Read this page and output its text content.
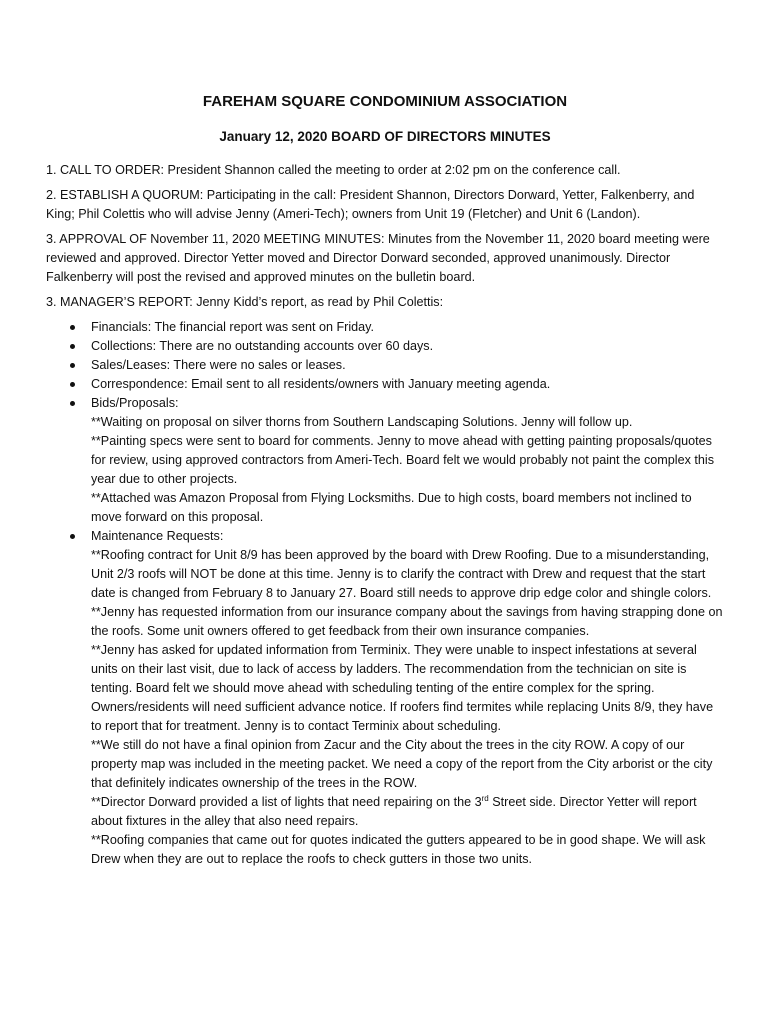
FAREHAM SQUARE CONDOMINIUM ASSOCIATION
January 12, 2020 BOARD OF DIRECTORS MINUTES

1. CALL TO ORDER: President Shannon called the meeting to order at 2:02 pm on the conference call.

2. ESTABLISH A QUORUM: Participating in the call: President Shannon, Directors Dorward, Yetter, Falkenberry, and King; Phil Colettis who will advise Jenny (Ameri-Tech); owners from Unit 19 (Fletcher) and Unit 6 (Landon).

3. APPROVAL OF November 11, 2020 MEETING MINUTES: Minutes from the November 11, 2020 board meeting were reviewed and approved. Director Yetter moved and Director Dorward seconded, approved unanimously. Director Falkenberry will post the revised and approved minutes on the bulletin board.

3. MANAGER’S REPORT: Jenny Kidd’s report, as read by Phil Colettis:

Financials: The financial report was sent on Friday.
Collections: There are no outstanding accounts over 60 days.
Sales/Leases: There were no sales or leases.
Correspondence: Email sent to all residents/owners with January meeting agenda.
Bids/Proposals:
**Waiting on proposal on silver thorns from Southern Landscaping Solutions. Jenny will follow up.
**Painting specs were sent to board for comments. Jenny to move ahead with getting painting proposals/quotes for review, using approved contractors from Ameri-Tech. Board felt we would probably not paint the complex this year due to other projects.
**Attached was Amazon Proposal from Flying Locksmiths. Due to high costs, board members not inclined to move forward on this proposal.
Maintenance Requests:
**Roofing contract for Unit 8/9 has been approved by the board with Drew Roofing. Due to a misunderstanding, Unit 2/3 roofs will NOT be done at this time. Jenny is to clarify the contract with Drew and request that the start date is changed from February 8 to January 27. Board still needs to approve drip edge color and shingle colors.
**Jenny has requested information from our insurance company about the savings from having strapping done on the roofs. Some unit owners offered to get feedback from their own insurance companies.
**Jenny has asked for updated information from Terminix. They were unable to inspect infestations at several units on their last visit, due to lack of access by ladders. The recommendation from the technician on site is tenting. Board felt we should move ahead with scheduling tenting of the entire complex for the spring. Owners/residents will need sufficient advance notice. If roofers find termites while replacing Units 8/9, they have to report that for treatment. Jenny is to contact Terminix about scheduling.
**We still do not have a final opinion from Zacur and the City about the trees in the city ROW. A copy of our property map was included in the meeting packet. We need a copy of the report from the City arborist or the city that definitely indicates ownership of the trees in the ROW.
**Director Dorward provided a list of lights that need repairing on the 3rd Street side. Director Yetter will report about fixtures in the alley that also need repairs.
**Roofing companies that came out for quotes indicated the gutters appeared to be in good shape. We will ask Drew when they are out to replace the roofs to check gutters in those two units.
